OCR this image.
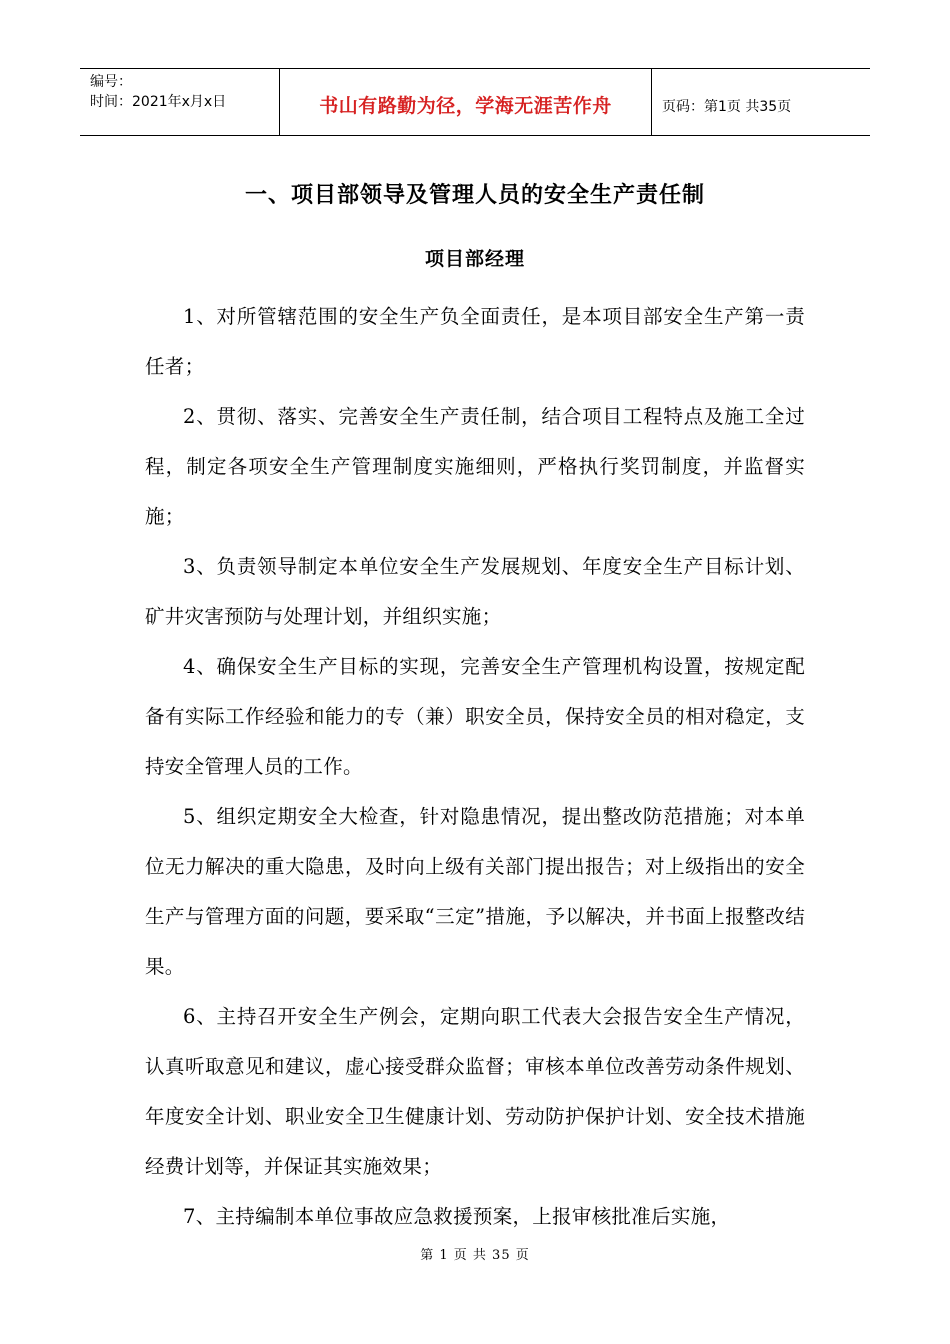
编号：
时间：2021年x月x日	书山有路勤为径，学海无涯苦作舟	页码：第1页 共35页
一、项目部领导及管理人员的安全生产责任制
项目部经理

1、对所管辖范围的安全生产负全面责任，是本项目部安全生产第一责任者；

2、贯彻、落实、完善安全生产责任制，结合项目工程特点及施工全过程，制定各项安全生产管理制度实施细则，严格执行奖罚制度，并监督实施；

3、负责领导制定本单位安全生产发展规划、年度安全生产目标计划、矿井灾害预防与处理计划，并组织实施；

4、确保安全生产目标的实现，完善安全生产管理机构设置，按规定配备有实际工作经验和能力的专（兼）职安全员，保持安全员的相对稳定，支持安全管理人员的工作。

5、组织定期安全大检查，针对隐患情况，提出整改防范措施；对本单位无力解决的重大隐患，及时向上级有关部门提出报告；对上级指出的安全生产与管理方面的问题，要采取“三定”措施，予以解决，并书面上报整改结果。

6、主持召开安全生产例会，定期向职工代表大会报告安全生产情况，认真听取意见和建议，虚心接受群众监督；审核本单位改善劳动条件规划、年度安全计划、职业安全卫生健康计划、劳动防护保护计划、安全技术措施经费计划等，并保证其实施效果；

7、主持编制本单位事故应急救援预案，上报审核批准后实施，

第 1 页 共 35 页
